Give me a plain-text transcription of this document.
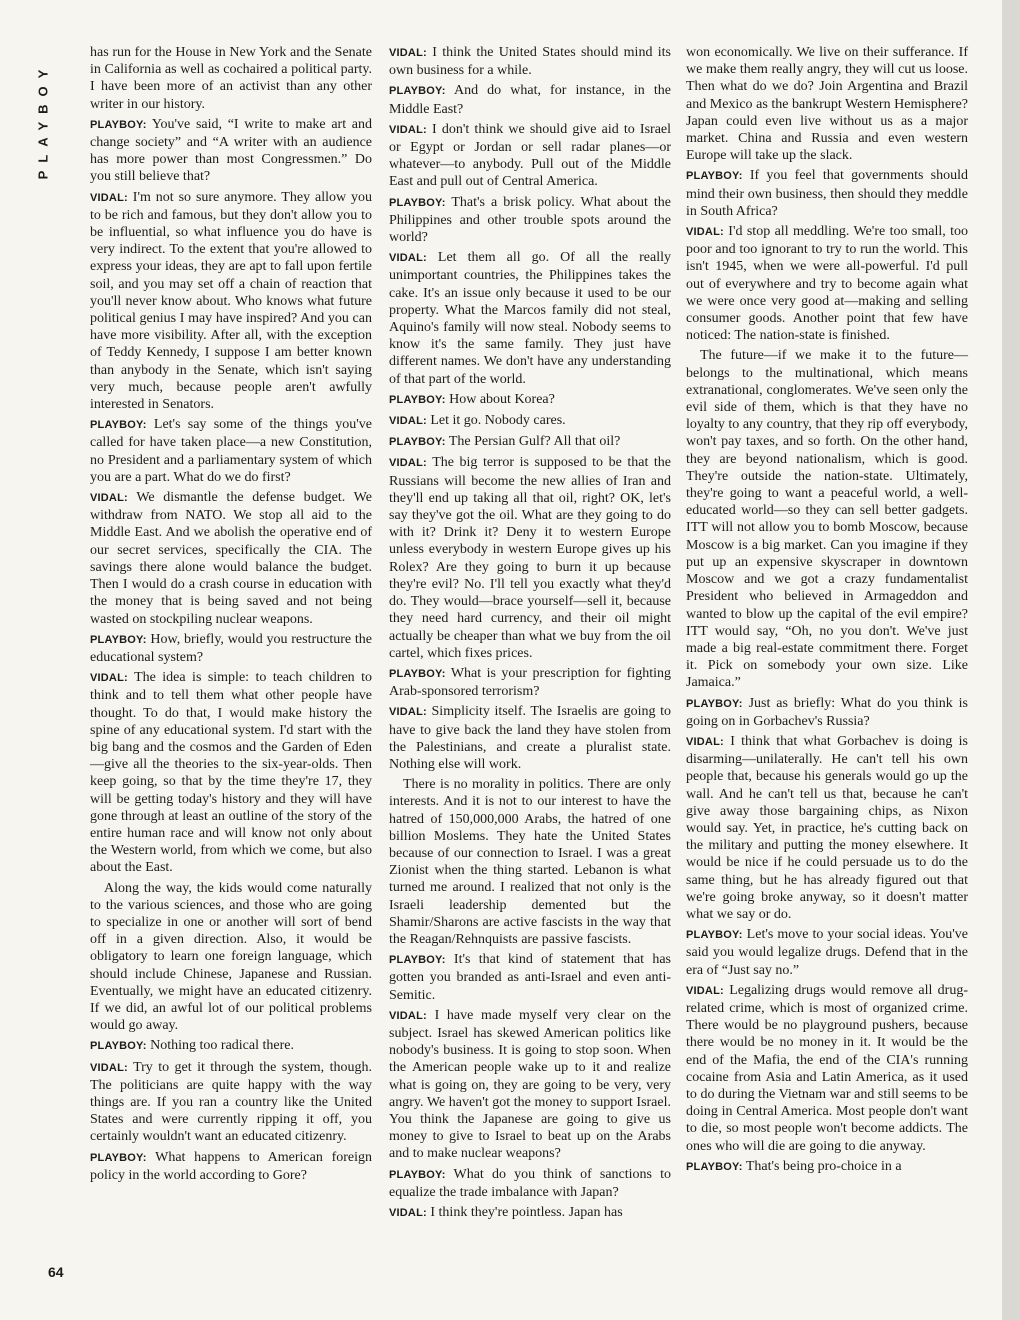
PLAYBOY

has run for the House in New York and the Senate in California as well as cochaired a political party. I have been more of an activist than any other writer in our history.

PLAYBOY: You've said, “I write to make art and change society” and “A writer with an audience has more power than most Congressmen.” Do you still believe that?

VIDAL: I'm not so sure anymore. They allow you to be rich and famous, but they don't allow you to be influential, so what influence you do have is very indirect. To the extent that you're allowed to express your ideas, they are apt to fall upon fertile soil, and you may set off a chain of reaction that you'll never know about. Who knows what future political genius I may have inspired? And you can have more visibility. After all, with the exception of Teddy Kennedy, I suppose I am better known than anybody in the Senate, which isn't saying very much, because people aren't awfully interested in Senators.

PLAYBOY: Let's say some of the things you've called for have taken place—a new Constitution, no President and a parliamentary system of which you are a part. What do we do first?

VIDAL: We dismantle the defense budget. We withdraw from NATO. We stop all aid to the Middle East. And we abolish the operative end of our secret services, specifically the CIA. The savings there alone would balance the budget. Then I would do a crash course in education with the money that is being saved and not being wasted on stockpiling nuclear weapons.

PLAYBOY: How, briefly, would you restructure the educational system?

VIDAL: The idea is simple: to teach children to think and to tell them what other people have thought. To do that, I would make history the spine of any educational system. I'd start with the big bang and the cosmos and the Garden of Eden—give all the theories to the six-year-olds. Then keep going, so that by the time they're 17, they will be getting today's history and they will have gone through at least an outline of the story of the entire human race and will know not only about the Western world, from which we come, but also about the East.

Along the way, the kids would come naturally to the various sciences, and those who are going to specialize in one or another will sort of bend off in a given direction. Also, it would be obligatory to learn one foreign language, which should include Chinese, Japanese and Russian. Eventually, we might have an educated citizenry. If we did, an awful lot of our political problems would go away.

PLAYBOY: Nothing too radical there.

VIDAL: Try to get it through the system, though. The politicians are quite happy with the way things are. If you ran a country like the United States and were currently ripping it off, you certainly wouldn't want an educated citizenry.

PLAYBOY: What happens to American foreign policy in the world according to Gore?

VIDAL: I think the United States should mind its own business for a while.

PLAYBOY: And do what, for instance, in the Middle East?

VIDAL: I don't think we should give aid to Israel or Egypt or Jordan or sell radar planes—or whatever—to anybody. Pull out of the Middle East and pull out of Central America.

PLAYBOY: That's a brisk policy. What about the Philippines and other trouble spots around the world?

VIDAL: Let them all go. Of all the really unimportant countries, the Philippines takes the cake. It's an issue only because it used to be our property. What the Marcos family did not steal, Aquino's family will now steal. Nobody seems to know it's the same family. They just have different names. We don't have any understanding of that part of the world.

PLAYBOY: How about Korea?

VIDAL: Let it go. Nobody cares.

PLAYBOY: The Persian Gulf? All that oil?

VIDAL: The big terror is supposed to be that the Russians will become the new allies of Iran and they'll end up taking all that oil, right? OK, let's say they've got the oil. What are they going to do with it? Drink it? Deny it to western Europe unless everybody in western Europe gives up his Rolex? Are they going to burn it up because they're evil? No. I'll tell you exactly what they'd do. They would—brace yourself—sell it, because they need hard currency, and their oil might actually be cheaper than what we buy from the oil cartel, which fixes prices.

PLAYBOY: What is your prescription for fighting Arab-sponsored terrorism?

VIDAL: Simplicity itself. The Israelis are going to have to give back the land they have stolen from the Palestinians, and create a pluralist state. Nothing else will work.

There is no morality in politics. There are only interests. And it is not to our interest to have the hatred of 150,000,000 Arabs, the hatred of one billion Moslems. They hate the United States because of our connection to Israel. I was a great Zionist when the thing started. Lebanon is what turned me around. I realized that not only is the Israeli leadership demented but the Shamir/Sharons are active fascists in the way that the Reagan/Rehnquists are passive fascists.

PLAYBOY: It's that kind of statement that has gotten you branded as anti-Israel and even anti-Semitic.

VIDAL: I have made myself very clear on the subject. Israel has skewed American politics like nobody's business. It is going to stop soon. When the American people wake up to it and realize what is going on, they are going to be very, very angry. We haven't got the money to support Israel. You think the Japanese are going to give us money to give to Israel to beat up on the Arabs and to make nuclear weapons?

PLAYBOY: What do you think of sanctions to equalize the trade imbalance with Japan?

VIDAL: I think they're pointless. Japan has

won economically. We live on their sufferance. If we make them really angry, they will cut us loose. Then what do we do? Join Argentina and Brazil and Mexico as the bankrupt Western Hemisphere? Japan could even live without us as a major market. China and Russia and even western Europe will take up the slack.

PLAYBOY: If you feel that governments should mind their own business, then should they meddle in South Africa?

VIDAL: I'd stop all meddling. We're too small, too poor and too ignorant to try to run the world. This isn't 1945, when we were all-powerful. I'd pull out of everywhere and try to become again what we were once very good at—making and selling consumer goods. Another point that few have noticed: The nation-state is finished.

The future—if we make it to the future—belongs to the multinational, which means extranational, conglomerates. We've seen only the evil side of them, which is that they have no loyalty to any country, that they rip off everybody, won't pay taxes, and so forth. On the other hand, they are beyond nationalism, which is good. They're outside the nation-state. Ultimately, they're going to want a peaceful world, a well-educated world—so they can sell better gadgets. ITT will not allow you to bomb Moscow, because Moscow is a big market. Can you imagine if they put up an expensive skyscraper in downtown Moscow and we got a crazy fundamentalist President who believed in Armageddon and wanted to blow up the capital of the evil empire? ITT would say, “Oh, no you don't. We've just made a big real-estate commitment there. Forget it. Pick on somebody your own size. Like Jamaica.”

PLAYBOY: Just as briefly: What do you think is going on in Gorbachev's Russia?

VIDAL: I think that what Gorbachev is doing is disarming—unilaterally. He can't tell his own people that, because his generals would go up the wall. And he can't tell us that, because he can't give away those bargaining chips, as Nixon would say. Yet, in practice, he's cutting back on the military and putting the money elsewhere. It would be nice if he could persuade us to do the same thing, but he has already figured out that we're going broke anyway, so it doesn't matter what we say or do.

PLAYBOY: Let's move to your social ideas. You've said you would legalize drugs. Defend that in the era of “Just say no.”

VIDAL: Legalizing drugs would remove all drug-related crime, which is most of organized crime. There would be no playground pushers, because there would be no money in it. It would be the end of the Mafia, the end of the CIA's running cocaine from Asia and Latin America, as it used to do during the Vietnam war and still seems to be doing in Central America. Most people don't want to die, so most people won't become addicts. The ones who will die are going to die anyway.

PLAYBOY: That's being pro-choice in a

64
